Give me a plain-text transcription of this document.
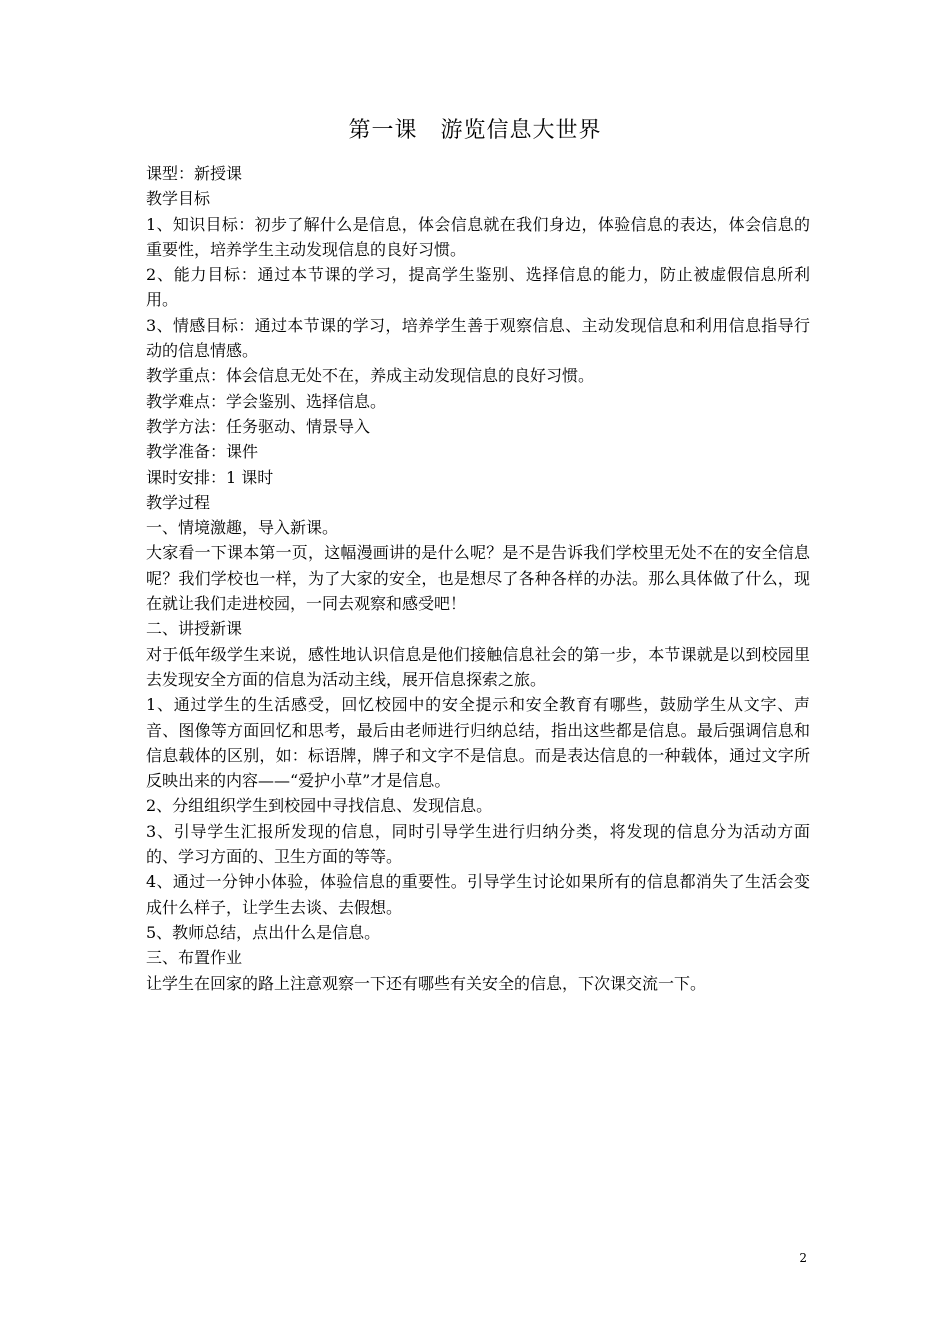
第一课　游览信息大世界

课型：新授课

教学目标

1、知识目标：初步了解什么是信息，体会信息就在我们身边，体验信息的表达，体会信息的重要性，培养学生主动发现信息的良好习惯。

2、能力目标：通过本节课的学习，提高学生鉴别、选择信息的能力，防止被虚假信息所利用。

3、情感目标：通过本节课的学习，培养学生善于观察信息、主动发现信息和利用信息指导行动的信息情感。

教学重点：体会信息无处不在，养成主动发现信息的良好习惯。

教学难点：学会鉴别、选择信息。

教学方法：任务驱动、情景导入

教学准备：课件

课时安排：1 课时

教学过程

一、情境激趣，导入新课。

大家看一下课本第一页，这幅漫画讲的是什么呢？是不是告诉我们学校里无处不在的安全信息呢？我们学校也一样，为了大家的安全，也是想尽了各种各样的办法。那么具体做了什么，现在就让我们走进校园，一同去观察和感受吧！

二、讲授新课

对于低年级学生来说，感性地认识信息是他们接触信息社会的第一步，本节课就是以到校园里去发现安全方面的信息为活动主线，展开信息探索之旅。

1、通过学生的生活感受，回忆校园中的安全提示和安全教育有哪些，鼓励学生从文字、声音、图像等方面回忆和思考，最后由老师进行归纳总结，指出这些都是信息。最后强调信息和信息载体的区别，如：标语牌，牌子和文字不是信息。而是表达信息的一种载体，通过文字所反映出来的内容——“爱护小草”才是信息。

2、分组组织学生到校园中寻找信息、发现信息。

3、引导学生汇报所发现的信息，同时引导学生进行归纳分类，将发现的信息分为活动方面的、学习方面的、卫生方面的等等。

4、通过一分钟小体验，体验信息的重要性。引导学生讨论如果所有的信息都消失了生活会变成什么样子，让学生去谈、去假想。

5、教师总结，点出什么是信息。

三、布置作业

让学生在回家的路上注意观察一下还有哪些有关安全的信息，下次课交流一下。

2
